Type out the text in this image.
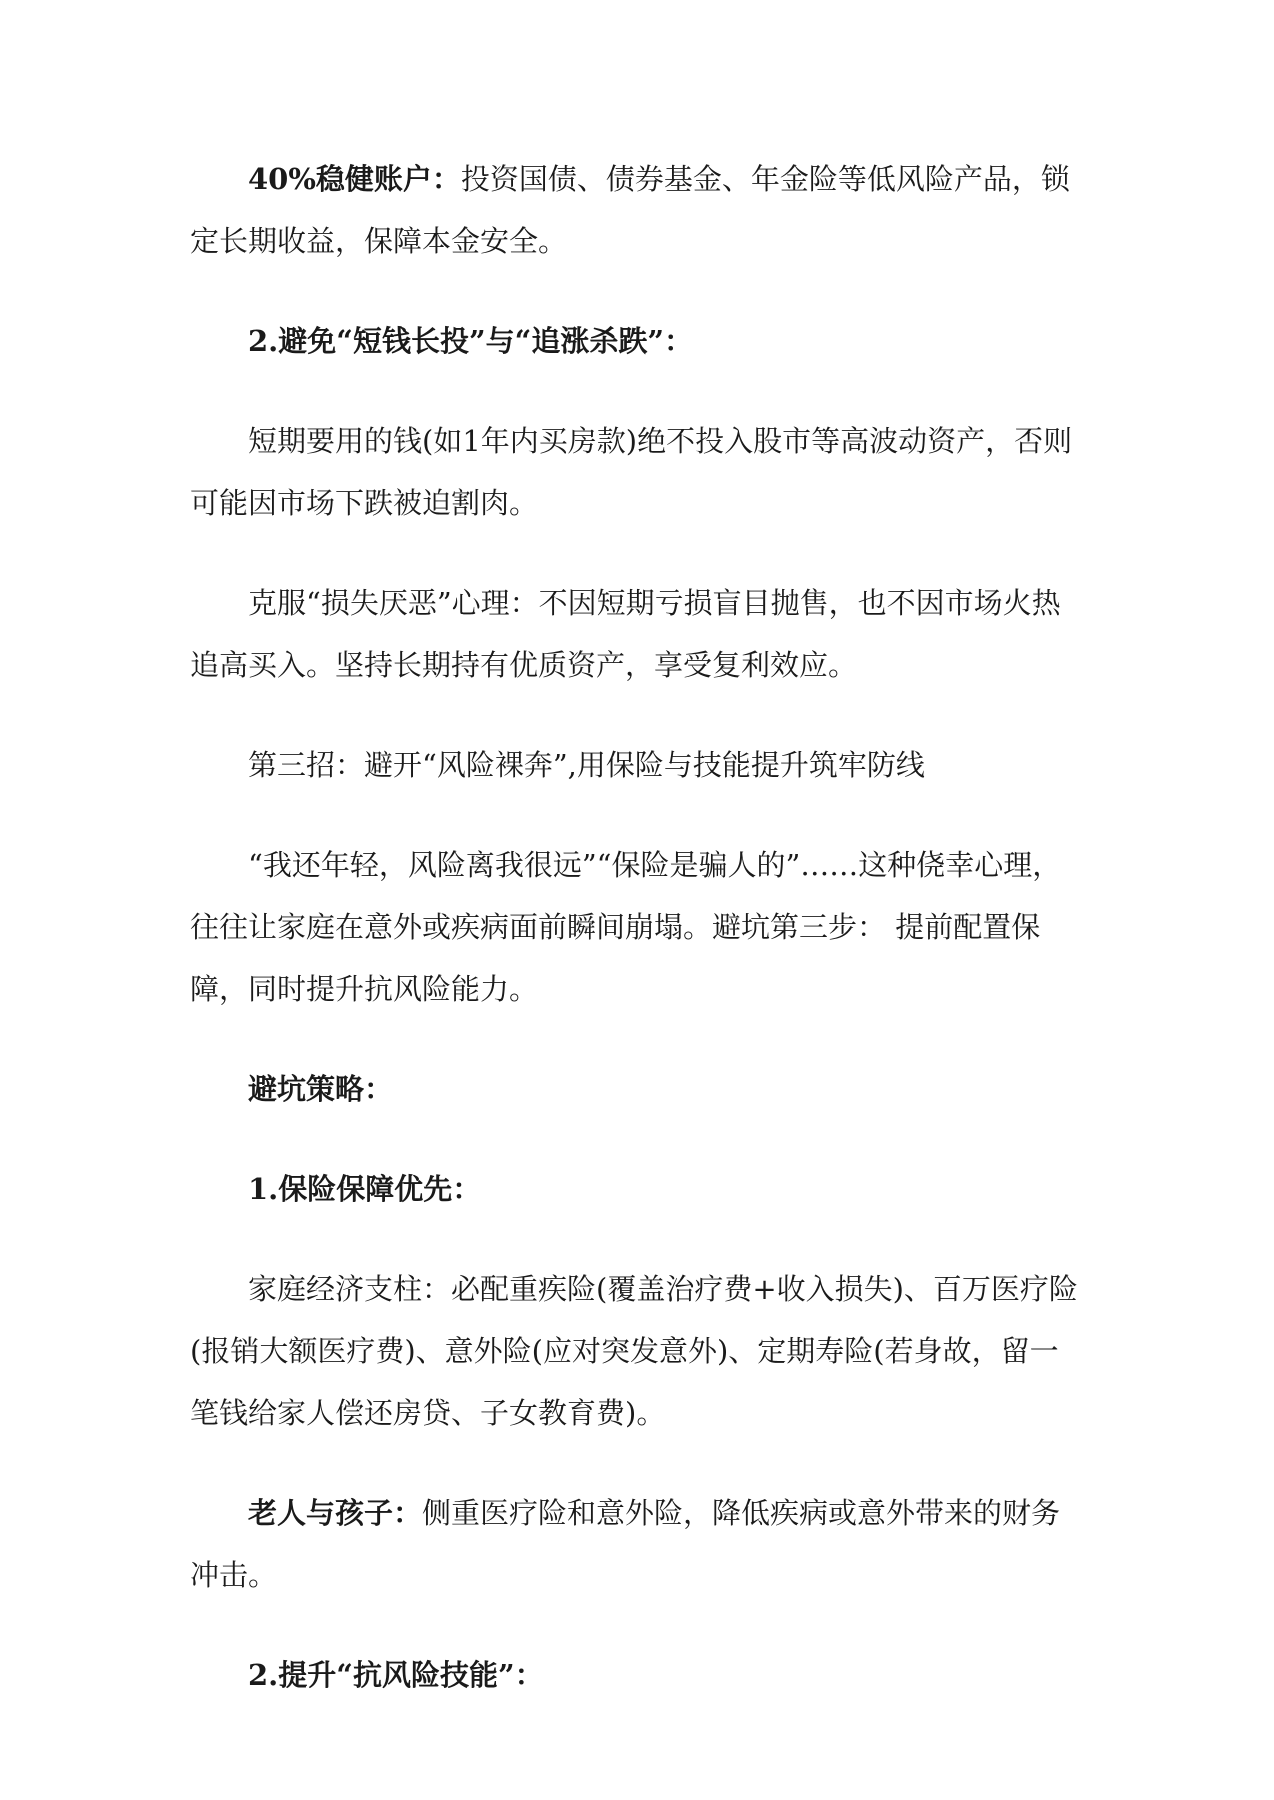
40%稳健账户：投资国债、债券基金、年金险等低风险产品，锁定长期收益，保障本金安全。

2.避免“短钱长投”与“追涨杀跌”：

短期要用的钱(如1年内买房款)绝不投入股市等高波动资产，否则可能因市场下跌被迫割肉。

克服“损失厌恶”心理：不因短期亏损盲目抛售，也不因市场火热追高买入。坚持长期持有优质资产，享受复利效应。

第三招：避开“风险裸奔”,用保险与技能提升筑牢防线

“我还年轻，风险离我很远”“保险是骗人的”……这种侥幸心理，往往让家庭在意外或疾病面前瞬间崩塌。避坑第三步： 提前配置保障，同时提升抗风险能力。

避坑策略：

1.保险保障优先：

家庭经济支柱：必配重疾险(覆盖治疗费+收入损失)、百万医疗险(报销大额医疗费)、意外险(应对突发意外)、定期寿险(若身故，留一笔钱给家人偿还房贷、子女教育费)。

老人与孩子：侧重医疗险和意外险，降低疾病或意外带来的财务冲击。

2.提升“抗风险技能”：
